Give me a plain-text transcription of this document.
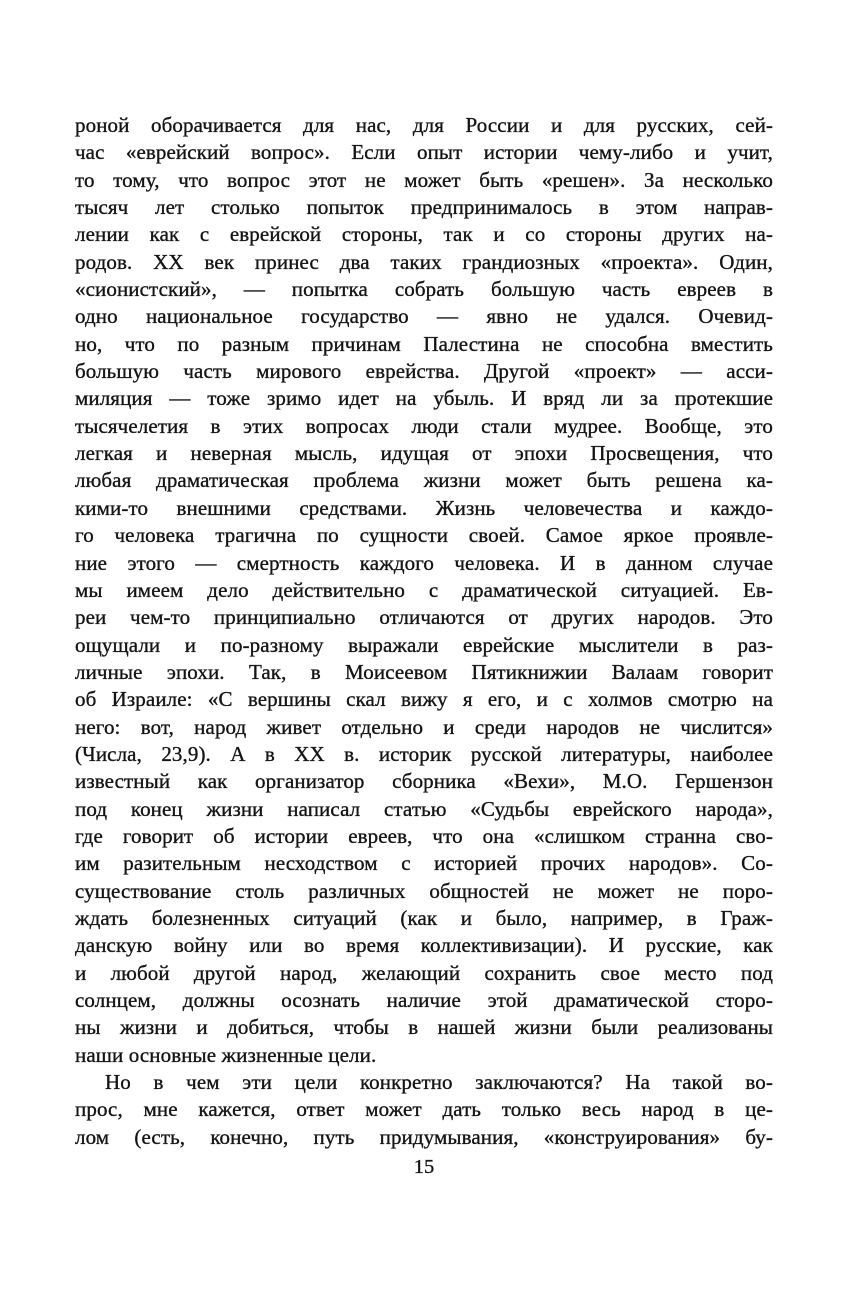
роной оборачивается для нас, для России и для русских, сей-
час «еврейский вопрос». Если опыт истории чему-либо и учит,
то тому, что вопрос этот не может быть «решен». За несколько
тысяч лет столько попыток предпринималось в этом направ-
лении как с еврейской стороны, так и со стороны других на-
родов. XX век принес два таких грандиозных «проекта». Один,
«сионистский», — попытка собрать большую часть евреев в
одно национальное государство — явно не удался. Очевид-
но, что по разным причинам Палестина не способна вместить
большую часть мирового еврейства. Другой «проект» — асси-
миляция — тоже зримо идет на убыль. И вряд ли за протекшие
тысячелетия в этих вопросах люди стали мудрее. Вообще, это
легкая и неверная мысль, идущая от эпохи Просвещения, что
любая драматическая проблема жизни может быть решена ка-
кими-то внешними средствами. Жизнь человечества и каждо-
го человека трагична по сущности своей. Самое яркое проявле-
ние этого — смертность каждого человека. И в данном случае
мы имеем дело действительно с драматической ситуацией. Ев-
реи чем-то принципиально отличаются от других народов. Это
ощущали и по-разному выражали еврейские мыслители в раз-
личные эпохи. Так, в Моисеевом Пятикнижии Валаам говорит
об Израиле: «С вершины скал вижу я его, и с холмов смотрю на
него: вот, народ живет отдельно и среди народов не числится»
(Числа, 23,9). А в XX в. историк русской литературы, наиболее
известный как организатор сборника «Вехи», М.О. Гершензон
под конец жизни написал статью «Судьбы еврейского народа»,
где говорит об истории евреев, что она «слишком странна сво-
им разительным несходством с историей прочих народов». Со-
существование столь различных общностей не может не поро-
ждать болезненных ситуаций (как и было, например, в Граж-
данскую войну или во время коллективизации). И русские, как
и любой другой народ, желающий сохранить свое место под
солнцем, должны осознать наличие этой драматической сторо-
ны жизни и добиться, чтобы в нашей жизни были реализованы
наши основные жизненные цели.
Но в чем эти цели конкретно заключаются? На такой во-
прос, мне кажется, ответ может дать только весь народ в це-
лом (есть, конечно, путь придумывания, «конструирования» бу-
15
